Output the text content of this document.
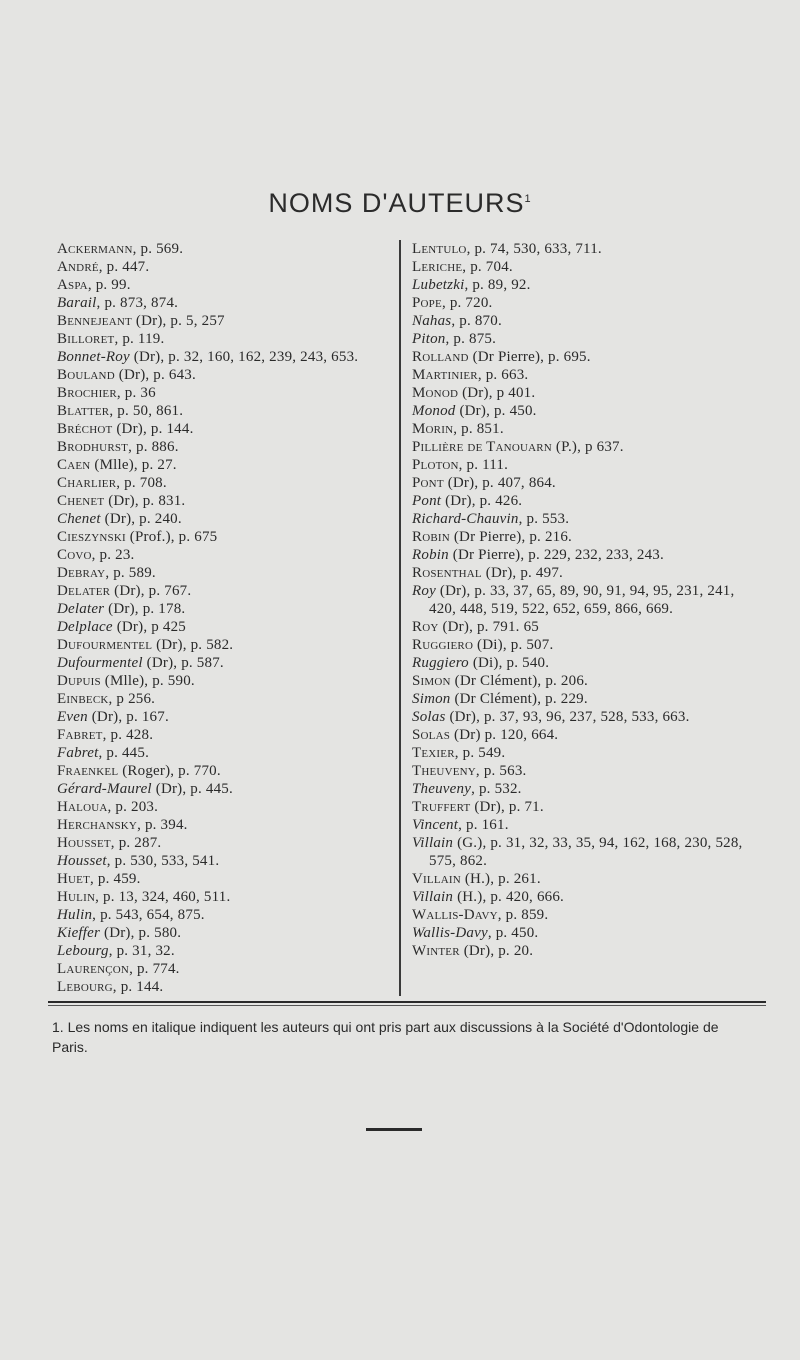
NOMS D'AUTEURS$^1$
Ackermann, p. 569.
André, p. 447.
Aspa, p. 99.
Barail, p. 873, 874.
Bennejeant (Dr), p. 5, 257
Billoret, p. 119.
Bonnet-Roy (Dr), p. 32, 160, 162, 239, 243, 653.
Bouland (Dr), p. 643.
Brochier, p. 36
Blatter, p. 50, 861.
Bréchot (Dr), p. 144.
Brodhurst, p. 886.
Caen (Mlle), p. 27.
Charlier, p. 708.
Chenet (Dr), p. 831.
Chenet (Dr), p. 240.
Cieszynski (Prof.), p. 675
Covo, p. 23.
Debray, p. 589.
Delater (Dr), p. 767.
Delater (Dr), p. 178.
Delplace (Dr), p 425
Dufourmentel (Dr), p. 582.
Dufourmentel (Dr), p. 587.
Dupuis (Mlle), p. 590.
Einbeck, p 256.
Even (Dr), p. 167.
Fabret, p. 428.
Fabret, p. 445.
Fraenkel (Roger), p. 770.
Gérard-Maurel (Dr), p. 445.
Haloua, p. 203.
Herchansky, p. 394.
Housset, p. 287.
Housset, p. 530, 533, 541.
Huet, p. 459.
Hulin, p. 13, 324, 460, 511.
Hulin, p. 543, 654, 875.
Kieffer (Dr), p. 580.
Lebourg, p. 31, 32.
Laurençon, p. 774.
Lebourg, p. 144.
Lentulo, p. 74, 530, 633, 711.
Leriche, p. 704.
Lubetzki, p. 89, 92.
Pope, p. 720.
Nahas, p. 870.
Piton, p. 875.
Rolland (Dr Pierre), p. 695.
Martinier, p. 663.
Monod (Dr), p 401.
Monod (Dr), p. 450.
Morin, p. 851.
Pillière de Tanouarn (P.), p 637.
Ploton, p. 111.
Pont (Dr), p. 407, 864.
Pont (Dr), p. 426.
Richard-Chauvin, p. 553.
Robin (Dr Pierre), p. 216.
Robin (Dr Pierre), p. 229, 232, 233, 243.
Rosenthal (Dr), p. 497.
Roy (Dr), p. 33, 37, 65, 89, 90, 91, 94, 95, 231, 241, 420, 448, 519, 522, 652, 659, 866, 669.
Roy (Dr), p. 791. 65
Ruggiero (Di), p. 507.
Ruggiero (Di), p. 540.
Simon (Dr Clément), p. 206.
Simon (Dr Clément), p. 229.
Solas (Dr), p. 37, 93, 96, 237, 528, 533, 663.
Solas (Dr) p. 120, 664.
Texier, p. 549.
Theuveny, p. 563.
Theuveny, p. 532.
Truffert (Dr), p. 71.
Vincent, p. 161.
Villain (G.), p. 31, 32, 33, 35, 94, 162, 168, 230, 528, 575, 862.
Villain (H.), p. 261.
Villain (H.), p. 420, 666.
Wallis-Davy, p. 859.
Wallis-Davy, p. 450.
Winter (Dr), p. 20.
1. Les noms en italique indiquent les auteurs qui ont pris part aux discussions à la Société d'Odontologie de Paris.
